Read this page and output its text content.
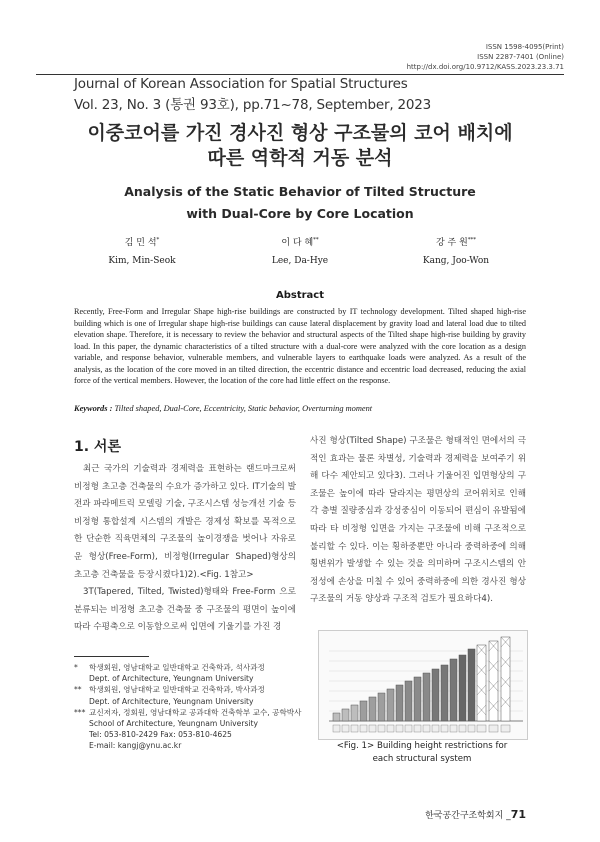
ISSN 1598-4095(Print)
ISSN 2287-7401 (Online)
http://dx.doi.org/10.9712/KASS.2023.23.3.71
Journal of Korean Association for Spatial Structures
Vol. 23, No. 3 (통권 93호), pp.71~78, September, 2023
이중코어를 가진 경사진 형상 구조물의 코어 배치에
따른 역학적 거동 분석
Analysis of the Static Behavior of Tilted Structure
with Dual-Core by Core Location
김 민 석*
Kim, Min-Seok
이 다 혜**
Lee, Da-Hye
강 주 원***
Kang, Joo-Won
Abstract
Recently, Free-Form and Irregular Shape high-rise buildings are constructed by IT technology development. Tilted shaped high-rise building which is one of Irregular shape high-rise buildings can cause lateral displacement by gravity load and lateral load due to tilted elevation shape. Therefore, it is necessary to review the behavior and structural aspects of the Tilted shape high-rise building by gravity load. In this paper, the dynamic characteristics of a tilted structure with a dual-core were analyzed with the core location as a design variable, and response behavior, vulnerable members, and vulnerable layers to earthquake loads were analyzed. As a result of the analysis, as the location of the core moved in an tilted direction, the eccentric distance and eccentric load decreased, reducing the axial force of the vertical members. However, the location of the core had little effect on the response.
Keywords : Tilted shaped, Dual-Core, Eccentricity, Static behavior, Overturning moment
1. 서론

최근 국가의 기술력과 경제력을 표현하는 랜드마크로써 비정형 초고층 건축물의 수요가 증가하고 있다. IT기술의 발전과 파라메트릭 모델링 기술, 구조시스템 성능개선 기술 등 비정형 통합설계 시스템의 개발은 경제성 확보를 목적으로 한 단순한 직육면체의 구조물의 높이경쟁을 벗어나 자유로운 형상(Free-Form), 비정형(Irregular Shaped)형상의 초고층 건축물을 등장시켰다1)2).<Fig. 1참고>

3T(Tapered, Tilted, Twisted)형태와 Free-Form 으로 분류되는 비정형 초고층 건축물 중 구조물의 평면이 높이에 따라 수평축으로 이동함으로써 입면에 기울기를 가진 경

사진 형상(Tilted Shape) 구조물은 형태적인 면에서의 극적인 효과는 물론 차별성, 기술력과 경제력을 보여주기 위해 다수 제안되고 있다3). 그러나 기울어진 입면형상의 구조물은 높이에 따라 달라지는 평면상의 코어위치로 인해 각 층별 질량중심과 강성중심이 이동되어 편심이 유발됨에 따라 타 비정형 입면을 가지는 구조물에 비해 구조적으로 불리할 수 있다. 이는 횡하중뿐만 아니라 중력하중에 의해 횡변위가 발생할 수 있는 것을 의미하며 구조시스템의 안정성에 손상을 미칠 수 있어 중력하중에 의한 경사진 형상 구조물의 거동 양상과 구조적 검토가 필요하다4).

* 학생회원, 영남대학교 일반대학교 건축학과, 석사과정
Dept. of Architecture, Yeungnam University
** 학생회원, 영남대학교 일반대학교 건축학과, 박사과정
Dept. of Architecture, Yeungnam University
*** 교신저자, 정회원, 영남대학교 공과대학 건축학부 교수, 공학박사
School of Architecture, Yeungnam University
Tel: 053-810-2429 Fax: 053-810-4625
E-mail: kangj@ynu.ac.kr	<Fig. 1> Building height restrictions for
each structural system
한국공간구조학회지 _71
